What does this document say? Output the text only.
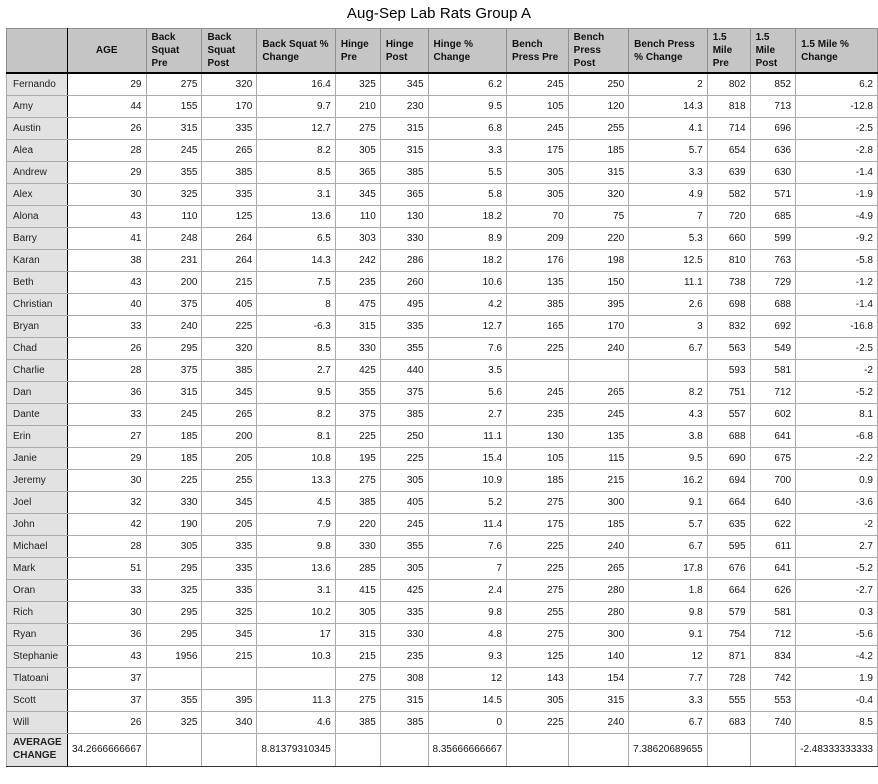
Aug-Sep Lab Rats Group A
	AGE	Back Squat Pre	Back Squat Post	Back Squat % Change	Hinge Pre	Hinge Post	Hinge % Change	Bench Press Pre	Bench Press Post	Bench Press % Change	1.5 Mile Pre	1.5 Mile Post	1.5 Mile % Change
Fernando	29	275	320	16.4	325	345	6.2	245	250	2	802	852	6.2
Amy	44	155	170	9.7	210	230	9.5	105	120	14.3	818	713	-12.8
Austin	26	315	335	12.7	275	315	6.8	245	255	4.1	714	696	-2.5
Alea	28	245	265	8.2	305	315	3.3	175	185	5.7	654	636	-2.8
Andrew	29	355	385	8.5	365	385	5.5	305	315	3.3	639	630	-1.4
Alex	30	325	335	3.1	345	365	5.8	305	320	4.9	582	571	-1.9
Alona	43	110	125	13.6	110	130	18.2	70	75	7	720	685	-4.9
Barry	41	248	264	6.5	303	330	8.9	209	220	5.3	660	599	-9.2
Karan	38	231	264	14.3	242	286	18.2	176	198	12.5	810	763	-5.8
Beth	43	200	215	7.5	235	260	10.6	135	150	11.1	738	729	-1.2
Christian	40	375	405	8	475	495	4.2	385	395	2.6	698	688	-1.4
Bryan	33	240	225	-6.3	315	335	12.7	165	170	3	832	692	-16.8
Chad	26	295	320	8.5	330	355	7.6	225	240	6.7	563	549	-2.5
Charlie	28	375	385	2.7	425	440	3.5				593	581	-2
Dan	36	315	345	9.5	355	375	5.6	245	265	8.2	751	712	-5.2
Dante	33	245	265	8.2	375	385	2.7	235	245	4.3	557	602	8.1
Erin	27	185	200	8.1	225	250	11.1	130	135	3.8	688	641	-6.8
Janie	29	185	205	10.8	195	225	15.4	105	115	9.5	690	675	-2.2
Jeremy	30	225	255	13.3	275	305	10.9	185	215	16.2	694	700	0.9
Joel	32	330	345	4.5	385	405	5.2	275	300	9.1	664	640	-3.6
John	42	190	205	7.9	220	245	11.4	175	185	5.7	635	622	-2
Michael	28	305	335	9.8	330	355	7.6	225	240	6.7	595	611	2.7
Mark	51	295	335	13.6	285	305	7	225	265	17.8	676	641	-5.2
Oran	33	325	335	3.1	415	425	2.4	275	280	1.8	664	626	-2.7
Rich	30	295	325	10.2	305	335	9.8	255	280	9.8	579	581	0.3
Ryan	36	295	345	17	315	330	4.8	275	300	9.1	754	712	-5.6
Stephanie	43	1956	215	10.3	215	235	9.3	125	140	12	871	834	-4.2
Tlatoani	37				275	308	12	143	154	7.7	728	742	1.9
Scott	37	355	395	11.3	275	315	14.5	305	315	3.3	555	553	-0.4
Will	26	325	340	4.6	385	385	0	225	240	6.7	683	740	8.5
AVERAGE CHANGE	34.2666666667			8.81379310345			8.35666666667			7.38620689655			-2.48333333333
